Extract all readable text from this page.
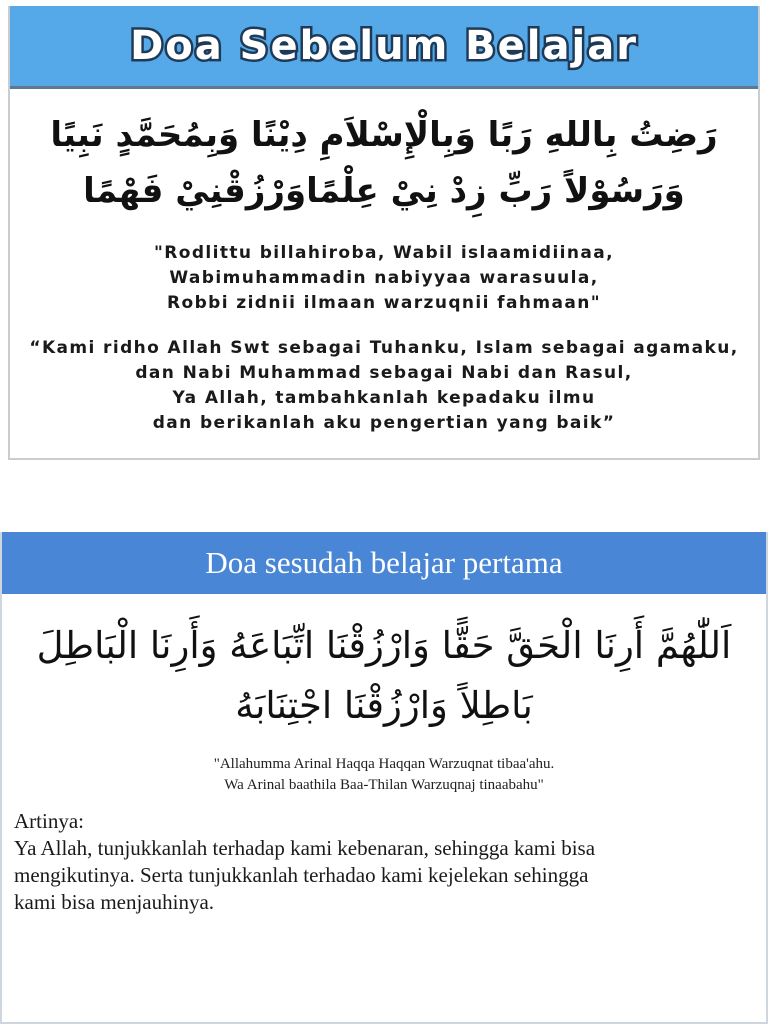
Doa Sebelum Belajar
رَضِتُ بِاللهِ رَبًا وَبِالْإِسْلاَمِ دِيْنًا وَبِمُحَمَّدٍ نَبِيًا
وَرَسُوْلاً رَبِّ زِدْ نِيْ عِلْمًاوَرْزُقْنِيْ فَهْمًا
"Rodlittu billahiroba, Wabil islaamidiinaa,
Wabimuhammadin nabiyyaa warasuula,
Robbi zidnii ilmaan warzuqnii fahmaan"
“Kami ridho Allah Swt sebagai Tuhanku, Islam sebagai agamaku,
dan Nabi Muhammad sebagai Nabi dan Rasul,
Ya Allah, tambahkanlah kepadaku ilmu
dan berikanlah aku pengertian yang baik”
Doa sesudah belajar pertama
اَللّٰهُمَّ أَرِنَا الْحَقَّ حَقًّا وَارْزُقْنَا اتِّبَاعَهُ وَأَرِنَا الْبَاطِلَ
بَاطِلاً وَارْزُقْنَا اجْتِنَابَهُ
"Allahumma Arinal Haqqa Haqqan Warzuqnat tibaa'ahu.
Wa Arinal baathila Baa-Thilan Warzuqnaj tinaabahu"
Artinya:
Ya Allah, tunjukkanlah terhadap kami kebenaran, sehingga kami bisa
mengikutinya. Serta tunjukkanlah terhadao kami kejelekan sehingga
kami bisa menjauhinya.
